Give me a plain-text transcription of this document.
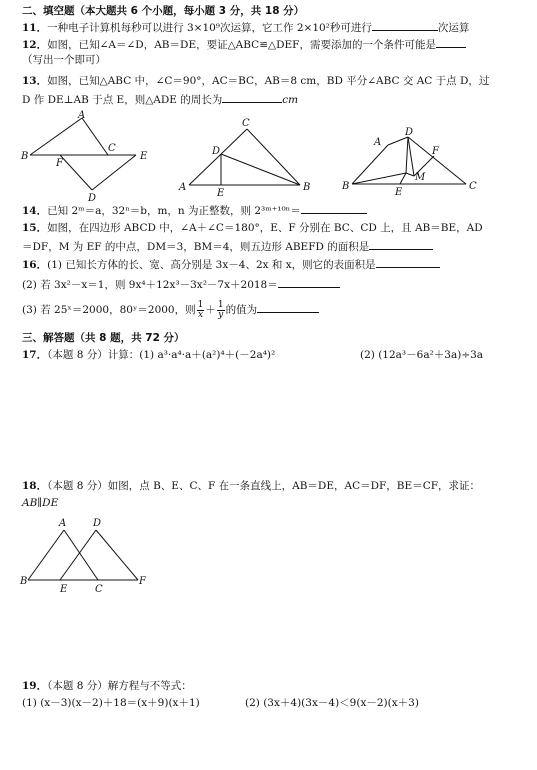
二、填空题（本大题共 6 个小题，每小题 3 分，共 18 分）
11．一种电子计算机每秒可以进行 3×10⁹次运算，它工作 2×10²秒可进行	次运算
12．如图，已知∠A＝∠D，AB＝DE，要证△ABC≌△DEF，需要添加的一个条件可能是
（写出一个即可）
13．如图，已知△ABC 中，∠C＝90°，AC＝BC，AB＝8 cm，BD 平分∠ABC 交 AC 于点 D，过
D 作 DE⊥AB 于点 E，则△ADE 的周长为	cm
A
B
F
C
E
D
C
D
A
E
B
A
D
F
M
B
E
C
14．已知 2ᵐ＝a，32ⁿ＝b，m，n 为正整数，则 2³ᵐ⁺¹⁰ⁿ＝
15．如图，在四边形 ABCD 中，∠A＋∠C＝180°，E、F 分别在 BC、CD 上，且 AB＝BE，AD
＝DF，M 为 EF 的中点，DM＝3，BM＝4，则五边形 ABEFD 的面积是
16．(1) 已知长方体的长、宽、高分别是 3x－4、2x 和 x，则它的表面积是
(2) 若 3x²－x＝1，则 9x⁴＋12x³－3x²－7x＋2018＝
(3) 若 25ˣ＝2000，80ʸ＝2000，则 $\frac{1}{x} + \frac{1}{y}$ 的值为
三、解答题（共 8 题，共 72 分）
17．（本题 8 分）计算：(1) a³·a⁴·a＋(a²)⁴＋(－2a⁴)²	(2) (12a³－6a²＋3a)÷3a
18．（本题 8 分）如图，点 B、E、C、F 在一条直线上，AB＝DE，AC＝DF，BE＝CF，求证：
AB∥DE
A	D
B
E	C
F
19．（本题 8 分）解方程与不等式：
(1) (x－3)(x－2)＋18＝(x＋9)(x＋1)	(2) (3x＋4)(3x－4)＜9(x－2)(x＋3)
